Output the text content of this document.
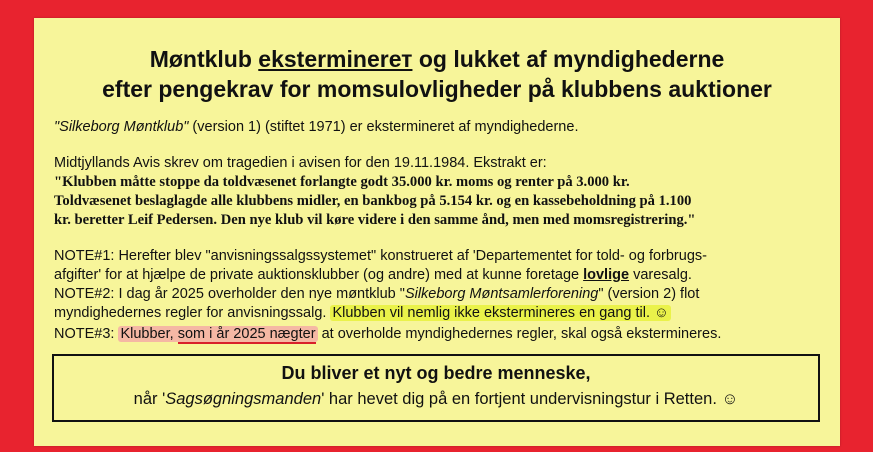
Møntklub eksterminerет og lukket af myndighederne
efter pengekrav for momsulovligheder på klubbens auktioner
"Silkeborg Møntklub" (version 1) (stiftet 1971) er eksterminerеt af myndighederne.
Midtjyllands Avis skrev om tragedien i avisen for den 19.11.1984. Ekstrakt er:
"Klubben måtte stoppe da toldvæsenet forlangte godt 35.000 kr. moms og renter på 3.000 kr.
Toldvæsenet beslaglagde alle klubbens midler, en bankbog på 5.154 kr. og en kassebeholdning på 1.100
kr. beretter Leif Pedersen. Den nye klub vil køre videre i den samme ånd, men med momsregistrering."
NOTE#1: Herefter blev "anvisningssalgssystemet" konstrueret af 'Departementet for told- og forbrugs-
afgifter' for at hjælpe de private auktionsklubber (og andre) med at kunne foretage lovlige varesalg.
NOTE#2: I dag år 2025 overholder den nye møntklub "Silkeborg Møntsamlerforening" (version 2) flot
myndighedernes regler for anvisningssalg. Klubben vil nemlig ikke eksterminereѕ en gang til. ☺
NOTE#3: Klubber, som i år 2025 nægter at overholde myndighedernes regler, skal også eksterminereѕ.
Du bliver et nyt og bedre menneske,
når 'Sagsøgningsmanden' har hevet dig på en fortjent undervisningstur i Retten. ☺
